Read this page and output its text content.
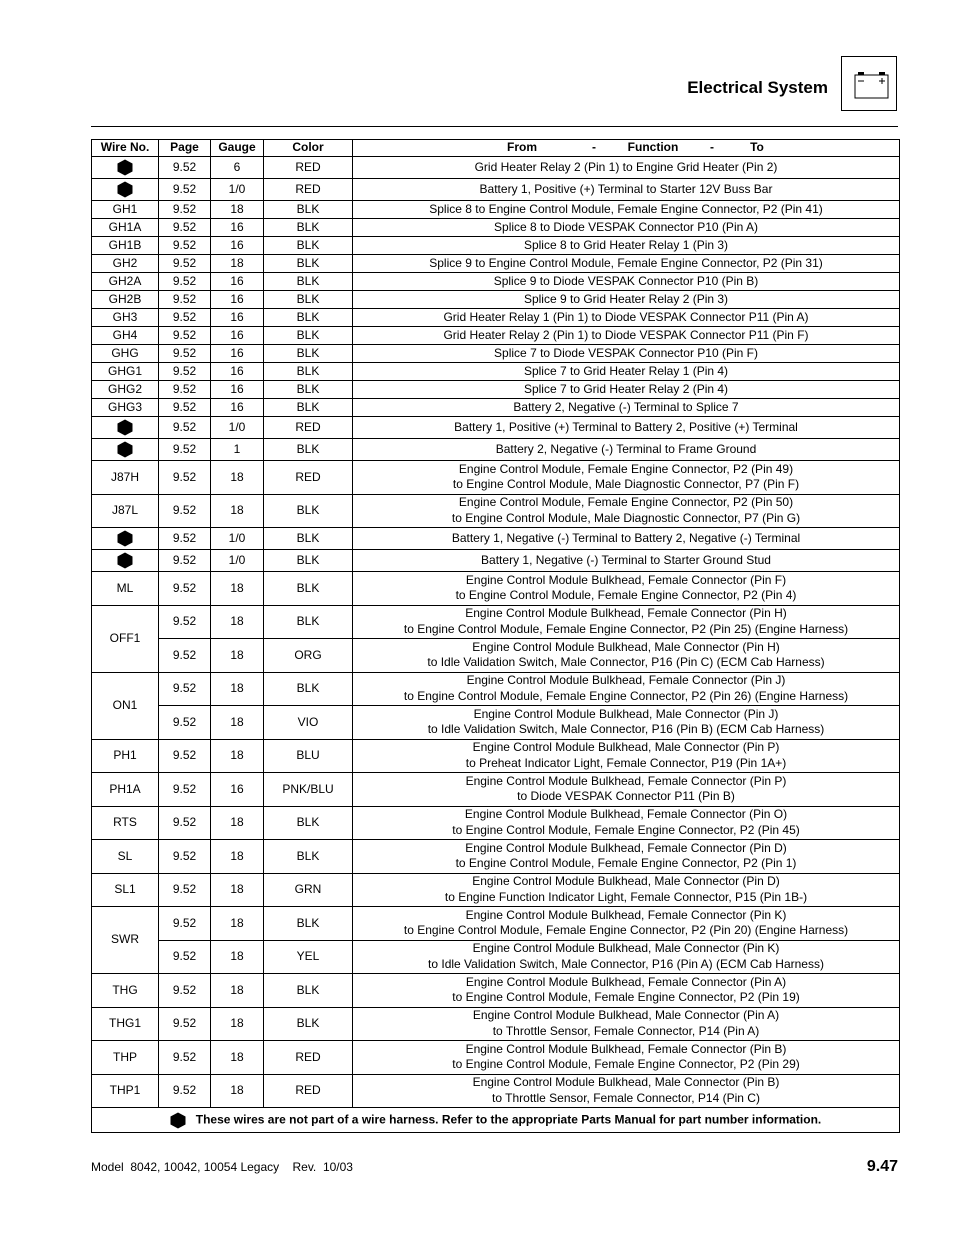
Electrical System
Wire No.	Page	Gauge	Color	From - Function - To

	9.52	6	RED	Grid Heater Relay 2 (Pin 1) to Engine Grid Heater (Pin 2)

	9.52	1/0	RED	Battery 1, Positive (+) Terminal to Starter 12V Buss Bar

GH1	9.52	18	BLK	Splice 8 to Engine Control Module, Female Engine Connector, P2 (Pin 41)

GH1A	9.52	16	BLK	Splice 8 to Diode VESPAK Connector P10 (Pin A)

GH1B	9.52	16	BLK	Splice 8 to Grid Heater Relay 1 (Pin 3)

GH2	9.52	18	BLK	Splice 9 to Engine Control Module, Female Engine Connector, P2 (Pin 31)

GH2A	9.52	16	BLK	Splice 9 to Diode VESPAK Connector P10 (Pin B)

GH2B	9.52	16	BLK	Splice 9 to Grid Heater Relay 2 (Pin 3)

GH3	9.52	16	BLK	Grid Heater Relay 1 (Pin 1) to Diode VESPAK Connector P11 (Pin A)

GH4	9.52	16	BLK	Grid Heater Relay 2 (Pin 1) to Diode VESPAK Connector P11 (Pin F)

GHG	9.52	16	BLK	Splice 7 to Diode VESPAK Connector P10 (Pin F)

GHG1	9.52	16	BLK	Splice 7 to Grid Heater Relay 1 (Pin 4)

GHG2	9.52	16	BLK	Splice 7 to Grid Heater Relay 2 (Pin 4)

GHG3	9.52	16	BLK	Battery 2, Negative (-) Terminal to Splice 7

	9.52	1/0	RED	Battery 1, Positive (+) Terminal to Battery 2, Positive (+) Terminal

	9.52	1	BLK	Battery 2, Negative (-) Terminal to Frame Ground

J87H	9.52	18	RED	Engine Control Module, Female Engine Connector, P2 (Pin 49)
to Engine Control Module, Male Diagnostic Connector, P7 (Pin F)

J87L	9.52	18	BLK	Engine Control Module, Female Engine Connector, P2 (Pin 50)
to Engine Control Module, Male Diagnostic Connector, P7 (Pin G)

	9.52	1/0	BLK	Battery 1, Negative (-) Terminal to Battery 2, Negative (-) Terminal

	9.52	1/0	BLK	Battery 1, Negative (-) Terminal to Starter Ground Stud

ML	9.52	18	BLK	Engine Control Module Bulkhead, Female Connector (Pin F)
to Engine Control Module, Female Engine Connector, P2 (Pin 4)

OFF1	9.52	18	BLK	Engine Control Module Bulkhead, Female Connector (Pin H)
to Engine Control Module, Female Engine Connector, P2 (Pin 25) (Engine Harness)

	9.52	18	ORG	Engine Control Module Bulkhead, Male Connector (Pin H)
to Idle Validation Switch, Male Connector, P16 (Pin C) (ECM Cab Harness)

ON1	9.52	18	BLK	Engine Control Module Bulkhead, Female Connector (Pin J)
to Engine Control Module, Female Engine Connector, P2 (Pin 26) (Engine Harness)

	9.52	18	VIO	Engine Control Module Bulkhead, Male Connector (Pin J)
to Idle Validation Switch, Male Connector, P16 (Pin B) (ECM Cab Harness)

PH1	9.52	18	BLU	Engine Control Module Bulkhead, Male Connector (Pin P)
to Preheat Indicator Light, Female Connector, P19 (Pin 1A+)

PH1A	9.52	16	PNK/BLU	Engine Control Module Bulkhead, Female Connector (Pin P)
to Diode VESPAK Connector P11 (Pin B)

RTS	9.52	18	BLK	Engine Control Module Bulkhead, Female Connector (Pin O)
to Engine Control Module, Female Engine Connector, P2 (Pin 45)

SL	9.52	18	BLK	Engine Control Module Bulkhead, Female Connector (Pin D)
to Engine Control Module, Female Engine Connector, P2 (Pin 1)

SL1	9.52	18	GRN	Engine Control Module Bulkhead, Male Connector (Pin D)
to Engine Function Indicator Light, Female Connector, P15 (Pin 1B-)

SWR	9.52	18	BLK	Engine Control Module Bulkhead, Female Connector (Pin K)
to Engine Control Module, Female Engine Connector, P2 (Pin 20) (Engine Harness)

	9.52	18	YEL	Engine Control Module Bulkhead, Male Connector (Pin K)
to Idle Validation Switch, Male Connector, P16 (Pin A) (ECM Cab Harness)

THG	9.52	18	BLK	Engine Control Module Bulkhead, Female Connector (Pin A)
to Engine Control Module, Female Engine Connector, P2 (Pin 19)

THG1	9.52	18	BLK	Engine Control Module Bulkhead, Male Connector (Pin A)
to Throttle Sensor, Female Connector, P14 (Pin A)

THP	9.52	18	RED	Engine Control Module Bulkhead, Female Connector (Pin B)
to Engine Control Module, Female Engine Connector, P2 (Pin 29)

THP1	9.52	18	RED	Engine Control Module Bulkhead, Male Connector (Pin B)
to Throttle Sensor, Female Connector, P14 (Pin C)

These wires are not part of a wire harness. Refer to the appropriate Parts Manual for part number information.				
Model  8042, 10042, 10054 Legacy    Rev.  10/03	9.47
